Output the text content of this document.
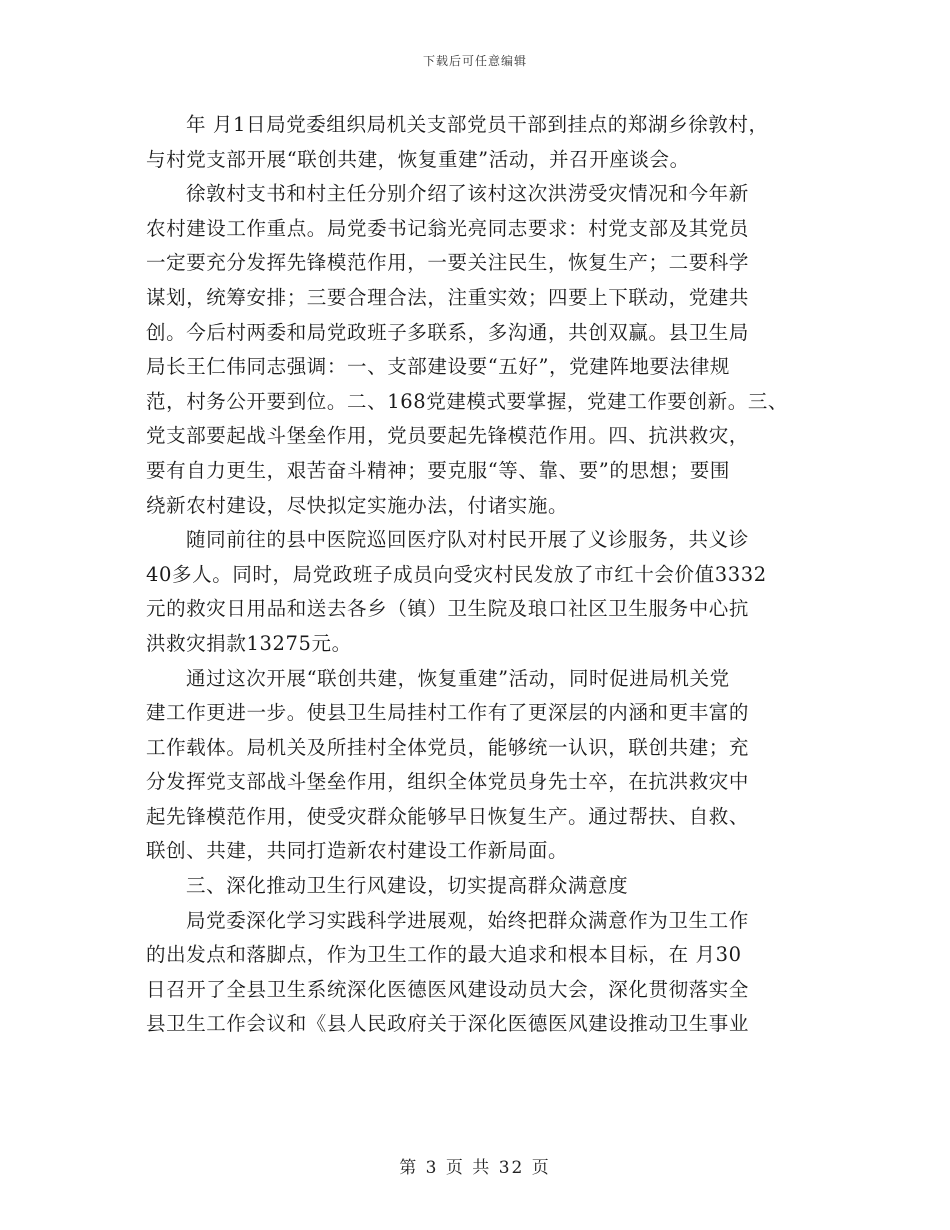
下载后可任意编辑
年 月1日局党委组织局机关支部党员干部到挂点的郑湖乡徐敦村，
与村党支部开展“联创共建，恢复重建”活动，并召开座谈会。
徐敦村支书和村主任分别介绍了该村这次洪涝受灾情况和今年新
农村建设工作重点。局党委书记翁光亮同志要求：村党支部及其党员
一定要充分发挥先锋模范作用，一要关注民生，恢复生产；二要科学
谋划，统筹安排；三要合理合法，注重实效；四要上下联动，党建共
创。今后村两委和局党政班子多联系，多沟通，共创双赢。县卫生局
局长王仁伟同志强调：一、支部建设要“五好”，党建阵地要法律规
范，村务公开要到位。二、168党建模式要掌握，党建工作要创新。三、
党支部要起战斗堡垒作用，党员要起先锋模范作用。四、抗洪救灾，
要有自力更生，艰苦奋斗精神；要克服“等、靠、要”的思想；要围
绕新农村建设，尽快拟定实施办法，付诸实施。
随同前往的县中医院巡回医疗队对村民开展了义诊服务，共义诊
40多人。同时，局党政班子成员向受灾村民发放了市红十会价值3332
元的救灾日用品和送去各乡（镇）卫生院及琅口社区卫生服务中心抗
洪救灾捐款13275元。
通过这次开展“联创共建，恢复重建”活动，同时促进局机关党
建工作更进一步。使县卫生局挂村工作有了更深层的内涵和更丰富的
工作载体。局机关及所挂村全体党员，能够统一认识，联创共建；充
分发挥党支部战斗堡垒作用，组织全体党员身先士卒，在抗洪救灾中
起先锋模范作用，使受灾群众能够早日恢复生产。通过帮扶、自救、
联创、共建，共同打造新农村建设工作新局面。
三、深化推动卫生行风建设，切实提高群众满意度
局党委深化学习实践科学进展观，始终把群众满意作为卫生工作
的出发点和落脚点，作为卫生工作的最大追求和根本目标，在 月30
日召开了全县卫生系统深化医德医风建设动员大会，深化贯彻落实全
县卫生工作会议和《县人民政府关于深化医德医风建设推动卫生事业
第 3 页 共 32 页
